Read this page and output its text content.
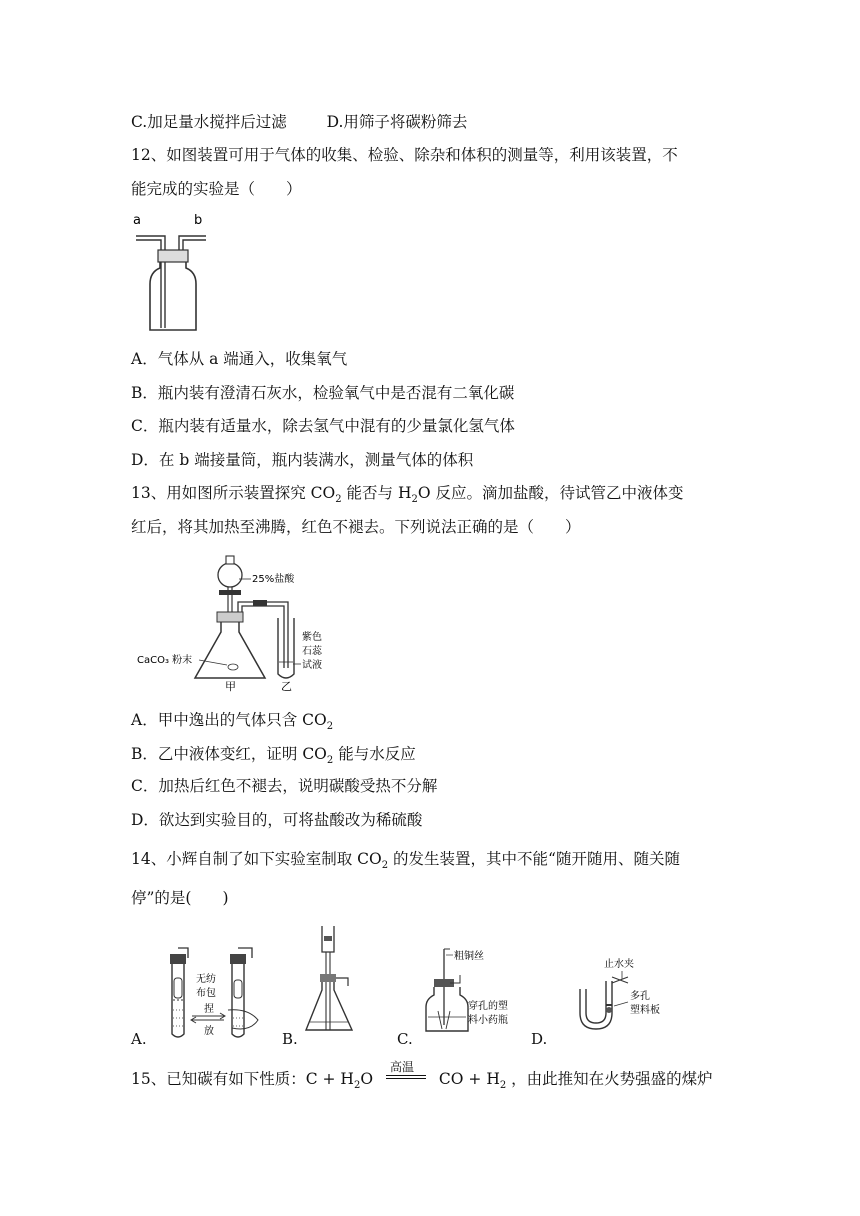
C.加足量水搅拌后过滤	D.用筛子将碳粉筛去
12、如图装置可用于气体的收集、检验、除杂和体积的测量等，利用该装置，不
能完成的实验是（　　）
a	b
A．气体从 a 端通入，收集氧气
B．瓶内装有澄清石灰水，检验氧气中是否混有二氧化碳
C．瓶内装有适量水，除去氢气中混有的少量氯化氢气体
D．在 b 端接量筒，瓶内装满水，测量气体的体积
13、用如图所示装置探究 $CO_2$ 能否与 $H_2O$ 反应。滴加盐酸，待试管乙中液体变
红后，将其加热至沸腾，红色不褪去。下列说法正确的是（　　）
25%盐酸
CaCO₃ 粉末
甲	乙
紫色
石蕊
试液
A．甲中逸出的气体只含 $CO_2$
B．乙中液体变红，证明 $CO_2$ 能与水反应
C．加热后红色不褪去，说明碳酸受热不分解
D．欲达到实验目的，可将盐酸改为稀硫酸
14、小辉自制了如下实验室制取 $CO_2$ 的发生装置，其中不能“随开随用、随关随
停”的是(　　)
A.
无纺
布包
捏
放	B.	C.
粗铜丝
穿孔的塑
料小药瓶
D.
止水夹
多孔
塑料板
15、已知碳有如下性质：$C + H_2O$
高温
CO + $H_2$ ，由此推知在火势强盛的煤炉
